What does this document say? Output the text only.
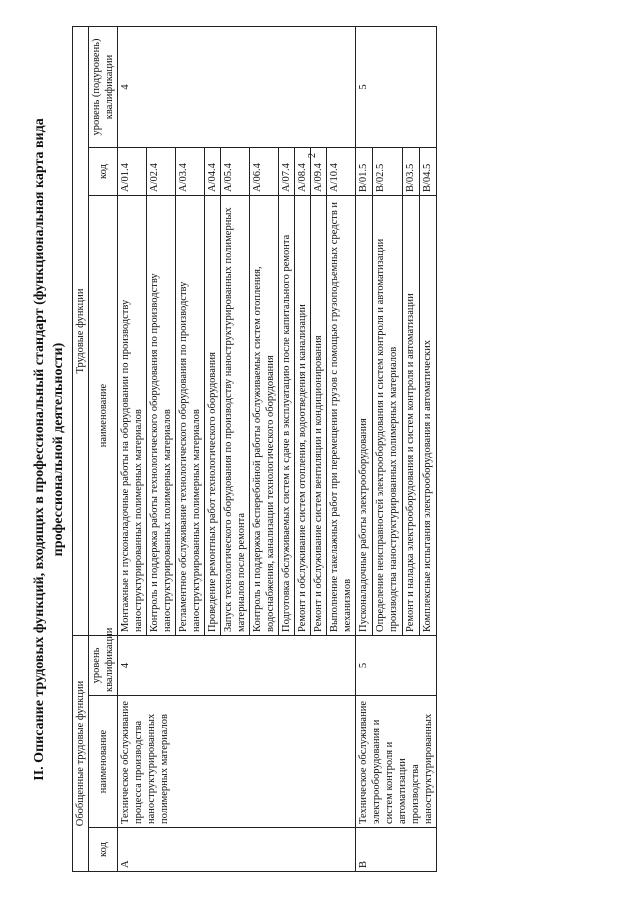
2
II. Описание трудовых функций, входящих в профессиональный стандарт (функциональная карта вида профессиональной деятельности)
Обобщенные трудовые функции			Трудовые функции		
код	наименование	уровень квалификации	наименование	код	уровень (подуровень) квалификации
А	Техническое обслуживание процесса производства наноструктурированных полимерных материалов	4	Монтажные и пусконаладочные работы на оборудовании по производству наноструктурированных полимерных материалов	A/01.4	4
			Контроль и поддержка работы технологического оборудования по производству наноструктурированных полимерных материалов	A/02.4	
			Регламентное обслуживание технологического оборудования по производству наноструктурированных полимерных материалов	A/03.4	
			Проведение ремонтных работ технологического оборудования	A/04.4	
			Запуск технологического оборудования по производству наноструктурированных полимерных материалов после ремонта	A/05.4	
			Контроль и поддержка бесперебойной работы обслуживаемых систем отопления, водоснабжения, канализации технологического оборудования	A/06.4	
			Подготовка обслуживаемых систем к сдаче в эксплуатацию после капитального ремонта	A/07.4	
			Ремонт и обслуживание систем отопления, водоотведения и канализации	A/08.4	
			Ремонт и обслуживание систем вентиляции и кондиционирования	A/09.4	
			Выполнение такелажных работ при перемещении грузов с помощью грузоподъемных средств и механизмов	A/10.4	
В	Техническое обслуживание электрооборудования и систем контроля и автоматизации производства наноструктурированных	5	Пусконаладочные работы электрооборудования	B/01.5	5
			Определение неисправностей электрооборудования и систем контроля и автоматизации производства наноструктурированных полимерных материалов	B/02.5	
			Ремонт и наладка электрооборудования и систем контроля и автоматизации	B/03.5	
			Комплексные испытания электрооборудования и автоматических	B/04.5	
